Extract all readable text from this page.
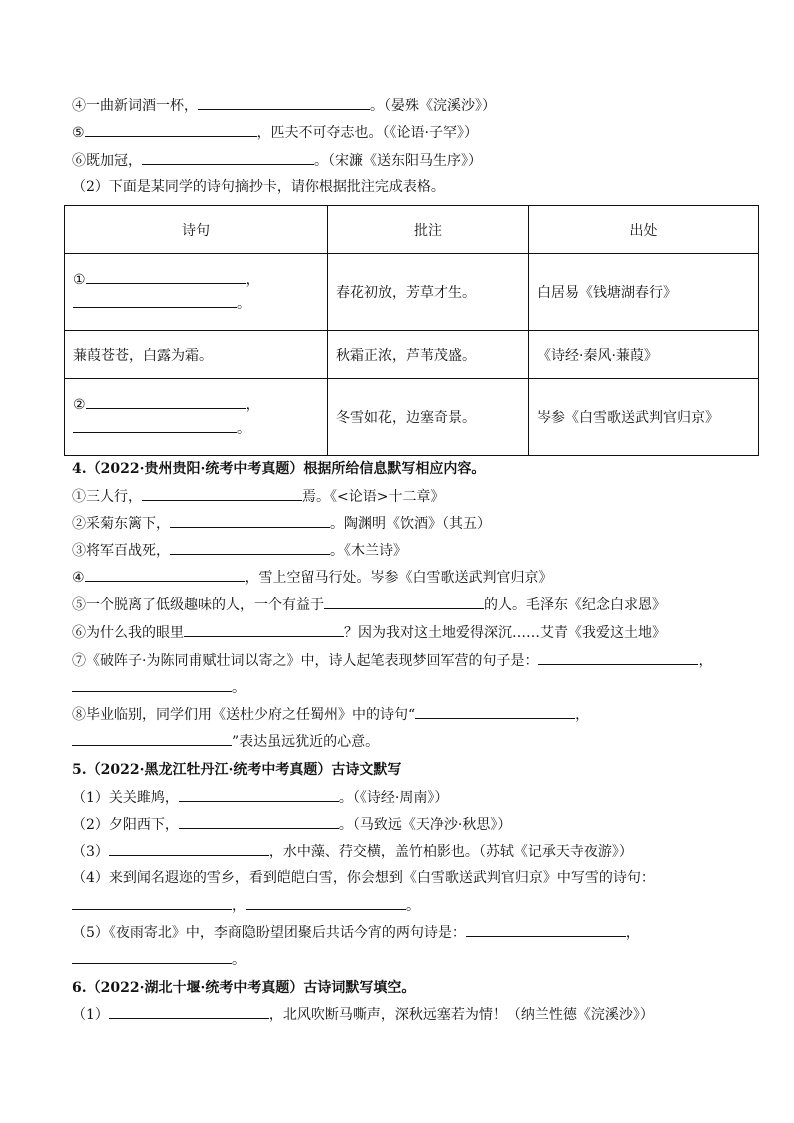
④一曲新词酒一杯，	。（晏殊《浣溪沙》）
⑤	，匹夫不可夺志也。（《论语·子罕》）
⑥既加冠，	。（宋濂《送东阳马生序》）
（2）下面是某同学的诗句摘抄卡，请你根据批注完成表格。
诗句	批注	出处

① ，
。	春花初放，芳草才生。	白居易《钱塘湖春行》
蒹葭苍苍，白露为霜。	秋霜正浓，芦苇茂盛。	《诗经·秦风·蒹葭》

② ，
。	冬雪如花，边塞奇景。	岑参《白雪歌送武判官归京》
4.（2022·贵州贵阳·统考中考真题）根据所给信息默写相应内容。
①三人行，	焉。《<论语>十二章》
②采菊东篱下，	。陶渊明《饮酒》（其五）
③将军百战死，	。《木兰诗》
④	，雪上空留马行处。岑参《白雪歌送武判官归京》
⑤一个脱离了低级趣味的人，一个有益于	的人。毛泽东《纪念白求恩》
⑥为什么我的眼里	？因为我对这土地爱得深沉……艾青《我爱这土地》
⑦《破阵子·为陈同甫赋壮词以寄之》中，诗人起笔表现梦回军营的句子是：	，
。
⑧毕业临别，同学们用《送杜少府之任蜀州》中的诗句“	，
”表达虽远犹近的心意。
5.（2022·黑龙江牡丹江·统考中考真题）古诗文默写
（1）关关雎鸠，	。（《诗经·周南》）
（2）夕阳西下，	。（马致远《天净沙·秋思》）
（3）	，水中藻、荇交横，盖竹柏影也。（苏轼《记承天寺夜游》）
（4）来到闻名遐迩的雪乡，看到皑皑白雪，你会想到《白雪歌送武判官归京》中写雪的诗句：
，	。
（5）《夜雨寄北》中，李商隐盼望团聚后共话今宵的两句诗是：	，
。
6.（2022·湖北十堰·统考中考真题）古诗词默写填空。
（1）	，北风吹断马嘶声，深秋远塞若为情！（纳兰性德《浣溪沙》）
